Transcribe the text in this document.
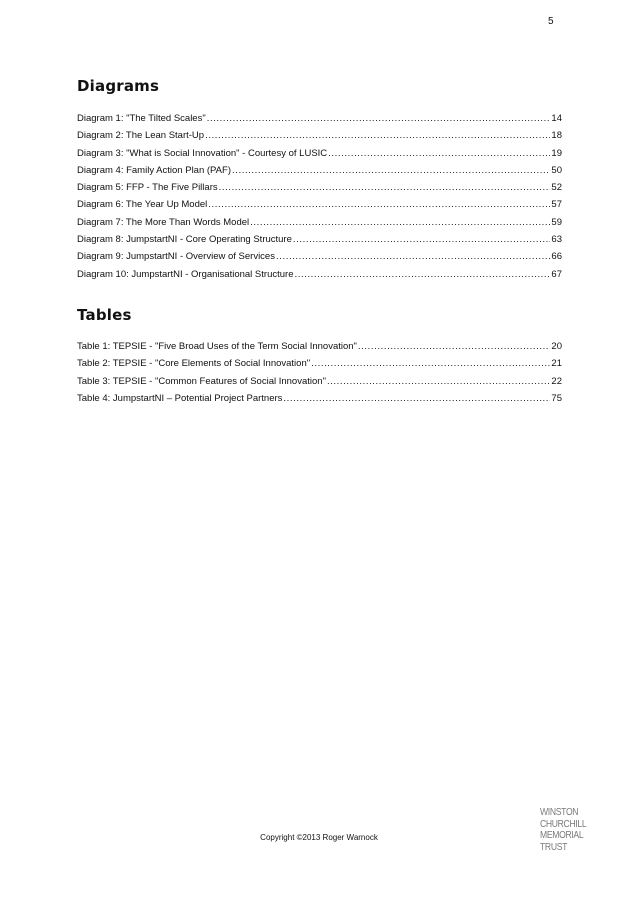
5
Diagrams
Diagram 1: "The Tilted Scales" .....	14
Diagram 2: The Lean Start-Up .....	18
Diagram 3: "What is Social Innovation" - Courtesy of LUSIC .....	19
Diagram 4: Family Action Plan (PAF) .....	50
Diagram 5: FFP - The Five Pillars .....	52
Diagram 6: The Year Up Model .....	57
Diagram 7: The More Than Words Model .....	59
Diagram 8: JumpstartNI - Core Operating Structure .....	63
Diagram 9: JumpstartNI - Overview of Services .....	66
Diagram 10: JumpstartNI - Organisational Structure .....	67
Tables
Table 1: TEPSIE - "Five Broad Uses of the Term Social Innovation" .....	20
Table 2: TEPSIE - "Core Elements of Social Innovation" .....	21
Table 3: TEPSIE - "Common Features of Social Innovation" .....	22
Table 4: JumpstartNI – Potential Project Partners .....	75
Copyright ©2013 Roger Warnock
WINSTON
CHURCHILL
MEMORIAL
TRUST
